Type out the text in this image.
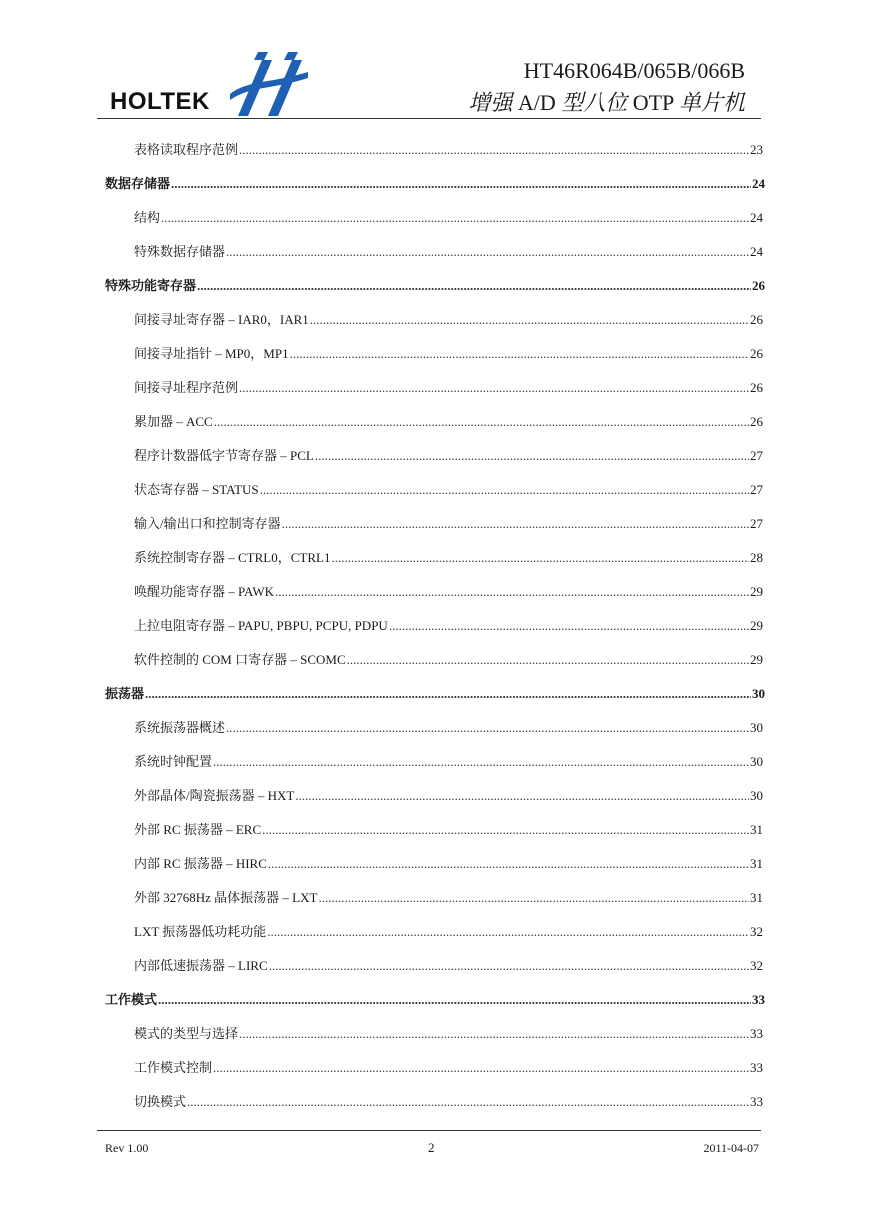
HOLTEK
HT46R064B/065B/066B
增强 A/D 型八位 OTP 单片机
表格读取程序范例 .....	23
数据存储器 .....	24
结构 .....	24
特殊数据存储器 .....	24
特殊功能寄存器 .....	26
间接寻址寄存器 – IAR0，IAR1 .....	26
间接寻址指针 – MP0，MP1 .....	26
间接寻址程序范例 .....	26
累加器 – ACC .....	26
程序计数器低字节寄存器 – PCL .....	27
状态寄存器 – STATUS .....	27
输入/输出口和控制寄存器 .....	27
系统控制寄存器 – CTRL0，CTRL1 .....	28
唤醒功能寄存器 – PAWK .....	29
上拉电阻寄存器 – PAPU, PBPU, PCPU, PDPU .....	29
软件控制的 COM 口寄存器 – SCOMC .....	29
振荡器 .....	30
系统振荡器概述 .....	30
系统时钟配置 .....	30
外部晶体/陶瓷振荡器 – HXT .....	30
外部 RC 振荡器 – ERC .....	31
内部 RC 振荡器 – HIRC .....	31
外部 32768Hz 晶体振荡器 – LXT .....	31
LXT 振荡器低功耗功能 .....	32
内部低速振荡器 – LIRC .....	32
工作模式 .....	33
模式的类型与选择 .....	33
工作模式控制 .....	33
切换模式 .....	33
Rev 1.00	2	2011-04-07
